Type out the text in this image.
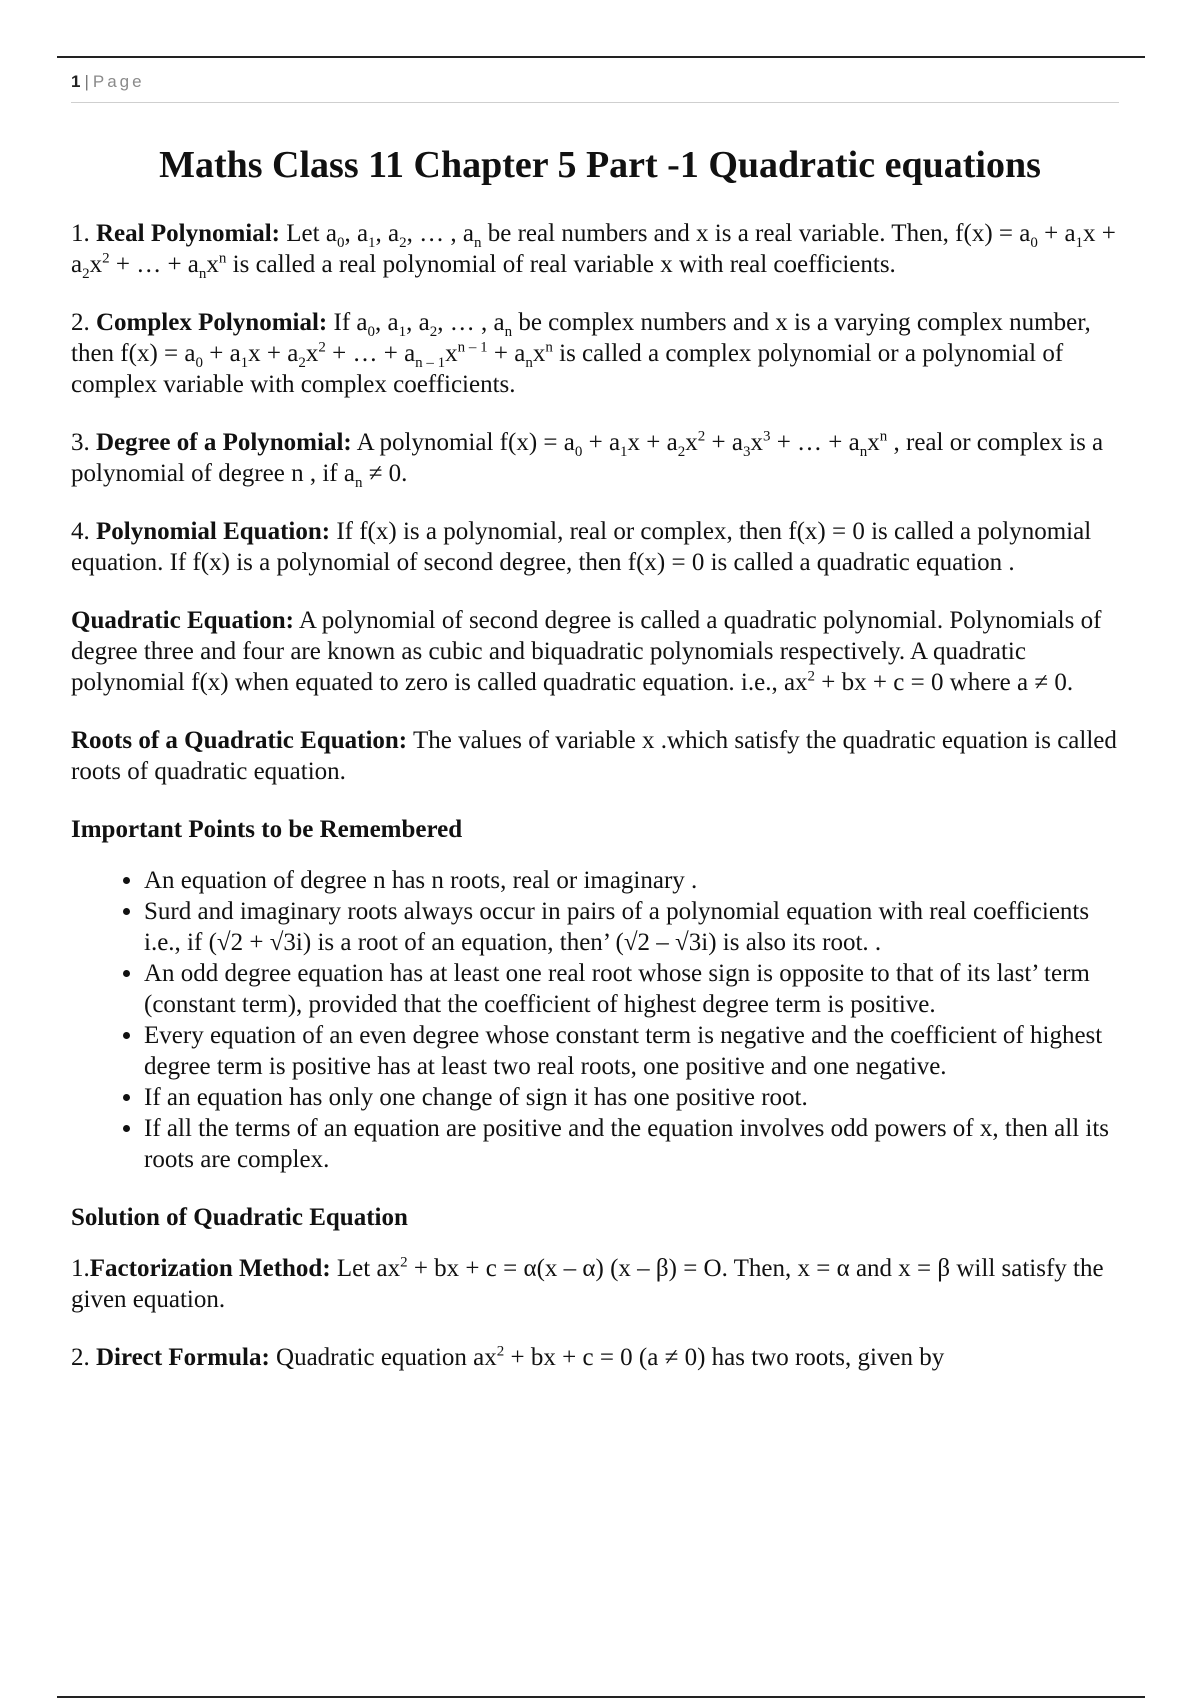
1 | Page
Maths Class 11 Chapter 5 Part -1 Quadratic equations

1. Real Polynomial: Let $a_0$, $a_1$, $a_2$, … , $a_n$ be real numbers and x is a real variable. Then, $f(x) = a_0 + a_1x + a_2x^2$ + … + $a_nx^n$ is called a real polynomial of real variable x with real coefficients.

2. Complex Polynomial: If $a_0$, $a_1$, $a_2$, … , $a_n$ be complex numbers and x is a varying complex number, then $f(x) = a_0 + a_1x + a_2x^2$ + … + $a_{n - 1}x^{n - 1} + a_nx^n$ is called a complex polynomial or a polynomial of complex variable with complex coefficients.

3. Degree of a Polynomial: A polynomial $f(x) = a_0 + a_1x + a_2x^2 + a_3x^3$ + … + $a_nx^n$ , real or complex is a polynomial of degree n , if $a_n \ne 0$.

4. Polynomial Equation: If f(x) is a polynomial, real or complex, then f(x) = 0 is called a polynomial equation. If f(x) is a polynomial of second degree, then f(x) = 0 is called a quadratic equation .

Quadratic Equation: A polynomial of second degree is called a quadratic polynomial. Polynomials of degree three and four are known as cubic and biquadratic polynomials respectively. A quadratic polynomial f(x) when equated to zero is called quadratic equation. i.e., $ax^2$ + bx + c = 0 where a ≠ 0.

Roots of a Quadratic Equation: The values of variable x .which satisfy the quadratic equation is called roots of quadratic equation.

Important Points to be Remembered
• An equation of degree n has n roots, real or imaginary .
• Surd and imaginary roots always occur in pairs of a polynomial equation with real coefficients i.e., if (√2 + √3i) is a root of an equation, then’ (√2 – √3i) is also its root. .
• An odd degree equation has at least one real root whose sign is opposite to that of its last’ term (constant term), provided that the coefficient of highest degree term is positive.
• Every equation of an even degree whose constant term is negative and the coefficient of highest degree term is positive has at least two real roots, one positive and one negative.
• If an equation has only one change of sign it has one positive root.
• If all the terms of an equation are positive and the equation involves odd powers of x, then all its roots are complex.
Solution of Quadratic Equation

1.Factorization Method: Let $ax^2$ + bx + c = α(x – α) (x – β) = O. Then, x = α and x = β will satisfy the given equation.

2. Direct Formula: Quadratic equation $ax^2$ + bx + c = 0 (a ≠ 0) has two roots, given by
